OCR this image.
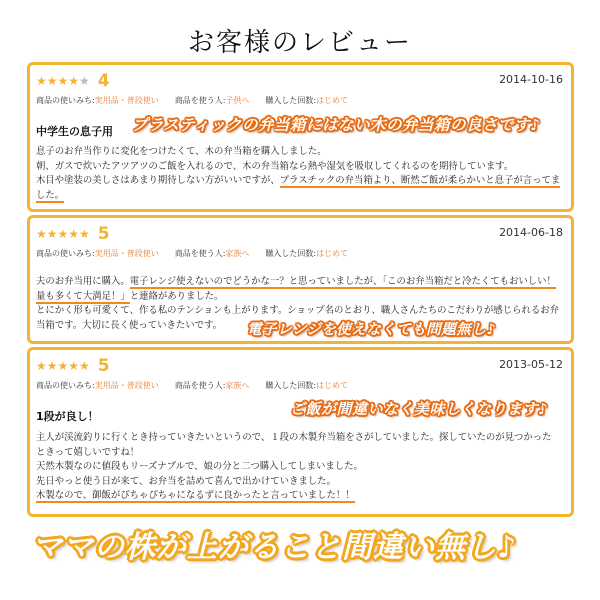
お客様のレビュー
★★★★★ 4	2014-10-16
商品の使いみち:実用品・普段使い 商品を使う人:子供へ 購入した回数:はじめて
中学生の息子用
息子のお弁当作りに変化をつけたくて、木の弁当箱を購入しました。
朝、ガスで炊いたアツアツのご飯を入れるので、木の弁当箱なら熱や湿気を吸収してくれるのを期待しています。
木目や塗装の美しさはあまり期待しない方がいいですが、プラスチックの弁当箱より、断然ご飯が柔らかいと息子が言ってま
した。
★★★★★ 5	2014-06-18
商品の使いみち:実用品・普段使い 商品を使う人:家族へ 購入した回数:はじめて
夫のお弁当用に購入。電子レンジ使えないのでどうかな一？と思っていましたが、「このお弁当箱だと冷たくてもおいしい！
量も多くて大満足！」と連絡がありました。
とにかく形も可愛くて、作る私のテンションも上がります。ショップ名のとおり、職人さんたちのこだわりが感じられるお弁
当箱です。大切に長く使っていきたいです。
★★★★★ 5	2013-05-12
商品の使いみち:実用品・普段使い 商品を使う人:家族へ 購入した回数:はじめて
1段が良し！
主人が渓流釣りに行くとき持っていきたいというので、１段の木製弁当箱をさがしていました。探していたのが見つかった
ときって嬉しいですね！
天然木製なのに値段もリーズナブルで、娘の分と二つ購入してしまいました。
先日やっと使う日が来て、お弁当を詰めて喜んで出かけていきました。
木製なので、御飯がぴちゃぴちゃになるずに良かったと言っていました！！
プラスティックの弁当箱にはない木の弁当箱の良さです♪
電子レンジを使えなくても問題無し♪
ご飯が間違いなく美味しくなります♪
ママの株が上がること間違い無し♪
